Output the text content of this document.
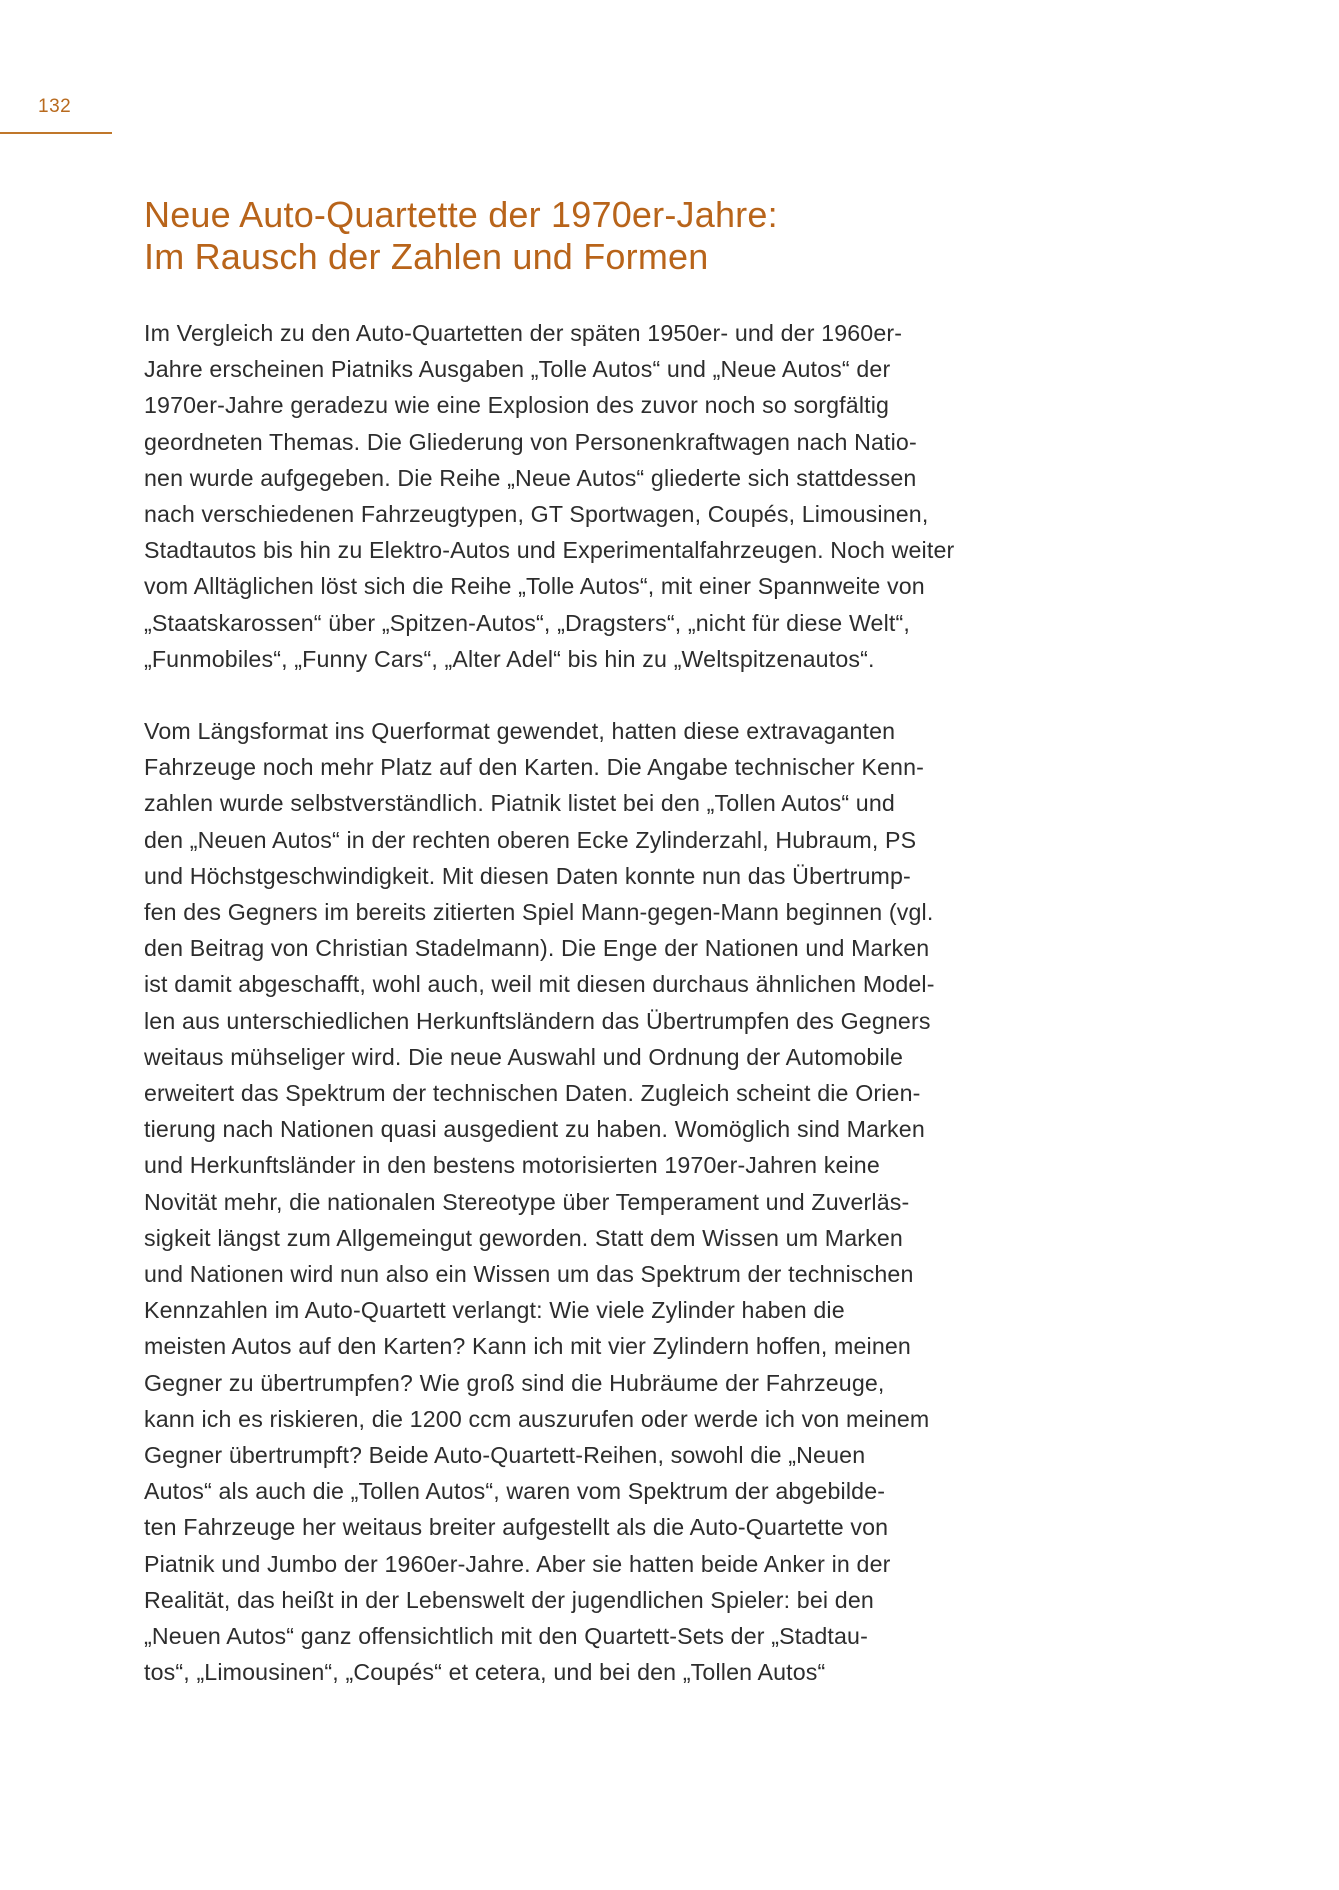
132
Neue Auto-Quartette der 1970er-Jahre:
Im Rausch der Zahlen und Formen
Im Vergleich zu den Auto-Quartetten der späten 1950er- und der 1960er-
Jahre erscheinen Piatniks Ausgaben „Tolle Autos“ und „Neue Autos“ der
1970er-Jahre geradezu wie eine Explosion des zuvor noch so sorgfältig
geordneten Themas. Die Gliederung von Personenkraftwagen nach Natio-
nen wurde aufgegeben. Die Reihe „Neue Autos“ gliederte sich stattdessen
nach verschiedenen Fahrzeugtypen, GT Sportwagen, Coupés, Limousinen,
Stadtautos bis hin zu Elektro-Autos und Experimentalfahrzeugen. Noch weiter
vom Alltäglichen löst sich die Reihe „Tolle Autos“, mit einer Spannweite von
„Staatskarossen“ über „Spitzen-Autos“, „Dragsters“, „nicht für diese Welt“,
„Funmobiles“, „Funny Cars“, „Alter Adel“ bis hin zu „Weltspitzenautos“.
Vom Längsformat ins Querformat gewendet, hatten diese extravaganten
Fahrzeuge noch mehr Platz auf den Karten. Die Angabe technischer Kenn-
zahlen wurde selbstverständlich. Piatnik listet bei den „Tollen Autos“ und
den „Neuen Autos“ in der rechten oberen Ecke Zylinderzahl, Hubraum, PS
und Höchstgeschwindigkeit. Mit diesen Daten konnte nun das Übertrump-
fen des Gegners im bereits zitierten Spiel Mann-gegen-Mann beginnen (vgl.
den Beitrag von Christian Stadelmann). Die Enge der Nationen und Marken
ist damit abgeschafft, wohl auch, weil mit diesen durchaus ähnlichen Model-
len aus unterschiedlichen Herkunftsländern das Übertrumpfen des Gegners
weitaus mühseliger wird. Die neue Auswahl und Ordnung der Automobile
erweitert das Spektrum der technischen Daten. Zugleich scheint die Orien-
tierung nach Nationen quasi ausgedient zu haben. Womöglich sind Marken
und Herkunftsländer in den bestens motorisierten 1970er-Jahren keine
Novität mehr, die nationalen Stereotype über Temperament und Zuverläs-
sigkeit längst zum Allgemeingut geworden. Statt dem Wissen um Marken
und Nationen wird nun also ein Wissen um das Spektrum der technischen
Kennzahlen im Auto-Quartett verlangt: Wie viele Zylinder haben die
meisten Autos auf den Karten? Kann ich mit vier Zylindern hoffen, meinen
Gegner zu übertrumpfen? Wie groß sind die Hubräume der Fahrzeuge,
kann ich es riskieren, die 1200 ccm auszurufen oder werde ich von meinem
Gegner übertrumpft? Beide Auto-Quartett-Reihen, sowohl die „Neuen
Autos“ als auch die „Tollen Autos“, waren vom Spektrum der abgebilde-
ten Fahrzeuge her weitaus breiter aufgestellt als die Auto-Quartette von
Piatnik und Jumbo der 1960er-Jahre. Aber sie hatten beide Anker in der
Realität, das heißt in der Lebenswelt der jugendlichen Spieler: bei den
„Neuen Autos“ ganz offensichtlich mit den Quartett-Sets der „Stadtau-
tos“, „Limousinen“, „Coupés“ et cetera, und bei den „Tollen Autos“
